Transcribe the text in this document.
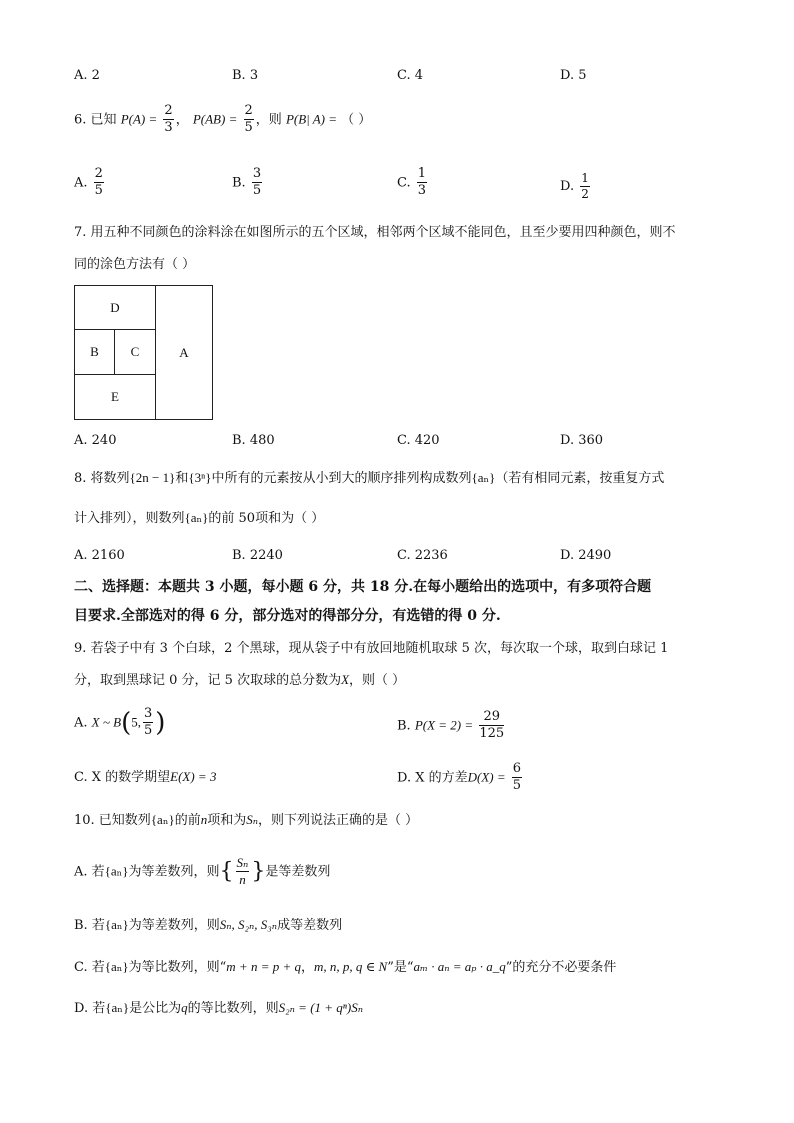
A. 2	B. 3	C. 4	D. 5
6. 已知 $P(A) = \frac{2}{3}$ ， $P(AB) = \frac{2}{5}$ ，则 P(B| A) = （ ）
A. $\frac{2}{5}$	B. $\frac{3}{5}$	C. $\frac{1}{3}$	D. $\frac{1}{2}$
7. 用五种不同颜色的涂料涂在如图所示的五个区域，相邻两个区域不能同色，且至少要用四种颜色，则不
同的涂色方法有（ ）
D
B	C
E
A
A. 240	B. 480	C. 420	D. 360
8. 将数列{2n − 1}和{3ⁿ}中所有的元素按从小到大的顺序排列构成数列{aₙ}（若有相同元素，按重复方式
计入排列），则数列{aₙ}的前 50项和为（ ）
A. 2160	B. 2240	C. 2236	D. 2490
二、选择题：本题共 3 小题，每小题 6 分，共 18 分.在每小题给出的选项中，有多项符合题
目要求.全部选对的得 6 分，部分选对的得部分分，有选错的得 0 分.
9. 若袋子中有 3 个白球，2 个黑球，现从袋子中有放回地随机取球 5 次，每次取一个球，取到白球记 1
分，取到黑球记 0 分，记 5 次取球的总分数为X，则（ ）
A. X ~ B(5, $\frac{3}{5}$ )	B. $P(X = 2) = \frac{29}{125}$
C. X 的数学期望E(X) = 3	D. X 的方差$D(X) = \frac{6}{5}$
10. 已知数列{aₙ}的前n项和为Sₙ，则下列说法正确的是（ ）
A. 若{aₙ}为等差数列，则{ $\frac{\text{Sₙ}}{n}$ }是等差数列
B. 若{aₙ}为等差数列，则Sₙ, S₂ₙ, S₃ₙ成等差数列
C. 若{aₙ}为等比数列，则“m + n = p + q，m, n, p, q ∈ N”是“aₘ · aₙ = aₚ · a_q”的充分不必要条件
D. 若{aₙ}是公比为q的等比数列，则S₂ₙ = (1 + qⁿ)Sₙ
